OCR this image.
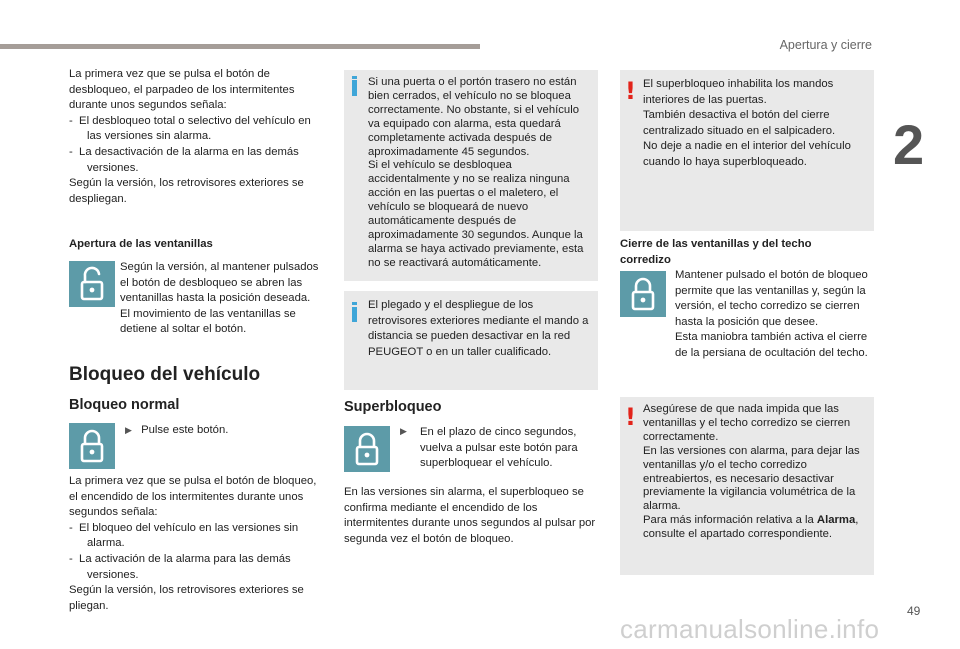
Apertura y cierre
2
La primera vez que se pulsa el botón de desbloqueo, el parpadeo de los intermitentes durante unos segundos señala:
-  El desbloqueo total o selectivo del vehículo en las versiones sin alarma.
-  La desactivación de la alarma en las demás versiones.
Según la versión, los retrovisores exteriores se despliegan.
Apertura de las ventanillas
Según la versión, al mantener pulsados el botón de desbloqueo se abren las ventanillas hasta la posición deseada.
El movimiento de las ventanillas se detiene al soltar el botón.
Bloqueo del vehículo
Bloqueo normal
▶ Pulse este botón.
La primera vez que se pulsa el botón de bloqueo, el encendido de los intermitentes durante unos segundos señala:
-  El bloqueo del vehículo en las versiones sin alarma.
-  La activación de la alarma para las demás versiones.
Según la versión, los retrovisores exteriores se pliegan.
Si una puerta o el portón trasero no están bien cerrados, el vehículo no se bloquea correctamente. No obstante, si el vehículo va equipado con alarma, esta quedará completamente activada después de aproximadamente 45 segundos.
Si el vehículo se desbloquea accidentalmente y no se realiza ninguna acción en las puertas o el maletero, el vehículo se bloqueará de nuevo automáticamente después de aproximadamente 30 segundos. Aunque la alarma se haya activado previamente, esta no se reactivará automáticamente.
El plegado y el despliegue de los retrovisores exteriores mediante el mando a distancia se pueden desactivar en la red PEUGEOT o en un taller cualificado.
Superbloqueo
▶	En el plazo de cinco segundos, vuelva a pulsar este botón para superbloquear el vehículo.
En las versiones sin alarma, el superbloqueo se confirma mediante el encendido de los intermitentes durante unos segundos al pulsar por segunda vez el botón de bloqueo.
! El superbloqueo inhabilita los mandos interiores de las puertas.
También desactiva el botón del cierre centralizado situado en el salpicadero.
No deje a nadie en el interior del vehículo cuando lo haya superbloqueado.
Cierre de las ventanillas y del techo corredizo
Mantener pulsado el botón de bloqueo permite que las ventanillas y, según la versión, el techo corredizo se cierren hasta la posición que desee.
Esta maniobra también activa el cierre de la persiana de ocultación del techo.
! Asegúrese de que nada impida que las ventanillas y el techo corredizo se cierren correctamente.
En las versiones con alarma, para dejar las ventanillas y/o el techo corredizo entreabiertos, es necesario desactivar previamente la vigilancia volumétrica de la alarma.
Para más información relativa a la Alarma, consulte el apartado correspondiente.
49
carmanualsonline.info
